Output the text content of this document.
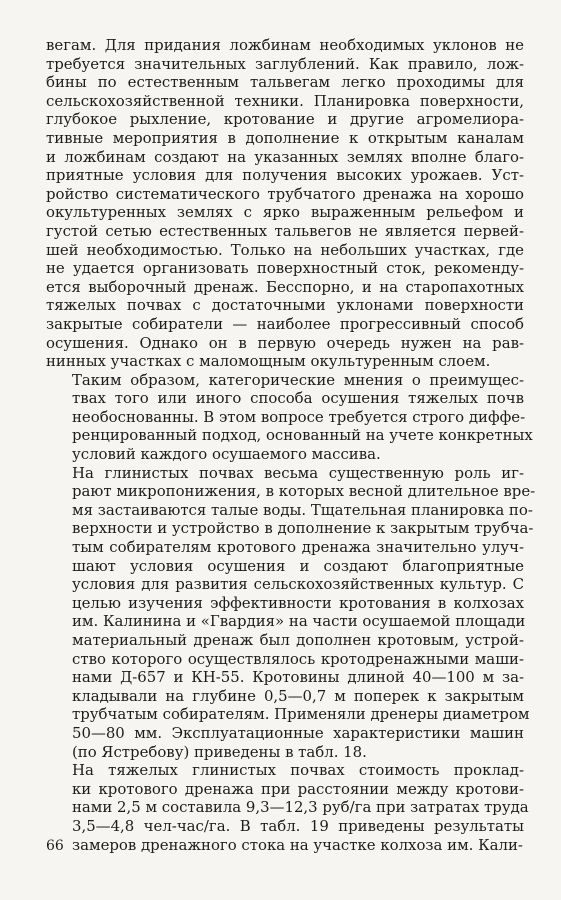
вегам. Для придания ложбинам необходимых уклонов не
требуется значительных заглублений. Как правило, лож-
бины по естественным тальвегам легко проходимы для
сельскохозяйственной техники. Планировка поверхности,
глубокое рыхление, кротование и другие агромелиора-
тивные мероприятия в дополнение к открытым каналам
и ложбинам создают на указанных землях вполне благо-
приятные условия для получения высоких урожаев. Уст-
ройство систематического трубчатого дренажа на хорошо
окультуренных землях с ярко выраженным рельефом и
густой сетью естественных тальвегов не является первей-
шей необходимостью. Только на небольших участках, где
не удается организовать поверхностный сток, рекоменду-
ется выборочный дренаж. Бесспорно, и на старопахотных
тяжелых почвах с достаточными уклонами поверхности
закрытые собиратели — наиболее прогрессивный способ
осушения. Однако он в первую очередь нужен на рав-
нинных участках с маломощным окультуренным слоем.

Таким образом, категорические мнения о преимущес-
твах того или иного способа осушения тяжелых почв
необоснованны. В этом вопросе требуется строго диффе-
ренцированный подход, основанный на учете конкретных
условий каждого осушаемого массива.

На глинистых почвах весьма существенную роль иг-
рают микропонижения, в которых весной длительное вре-
мя застаиваются талые воды. Тщательная планировка по-
верхности и устройство в дополнение к закрытым трубча-
тым собирателям кротового дренажа значительно улуч-
шают условия осушения и создают благоприятные
условия для развития сельскохозяйственных культур. С
целью изучения эффективности кротования в колхозах
им. Калинина и «Гвардия» на части осушаемой площади
материальный дренаж был дополнен кротовым, устрой-
ство которого осуществлялось кротодренажными маши-
нами Д-657 и КН-55. Кротовины длиной 40—100 м за-
кладывали на глубине 0,5—0,7 м поперек к закрытым
трубчатым собирателям. Применяли дренеры диаметром
50—80 мм. Эксплуатационные характеристики машин
(по Ястребову) приведены в табл. 18.

На тяжелых глинистых почвах стоимость проклад-
ки кротового дренажа при расстоянии между кротови-
нами 2,5 м составила 9,3—12,3 руб/га при затратах труда
3,5—4,8 чел-час/га. В табл. 19 приведены результаты
замеров дренажного стока на участке колхоза им. Кали-

66
